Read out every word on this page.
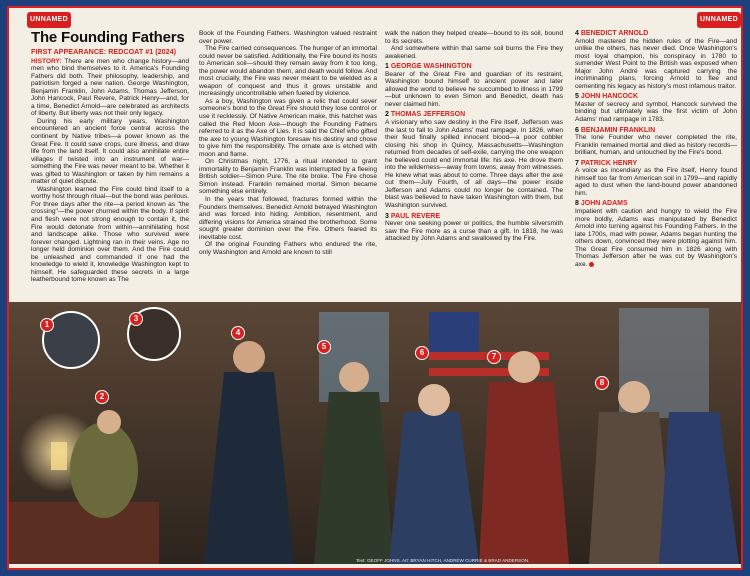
UNNAMED	UNNAMED
The Founding Fathers
FIRST APPEARANCE: REDCOAT #1 (2024)

HISTORY: There are men who change history—and men who bind themselves to it. America's Founding Fathers did both. Their philosophy, leadership, and patriotism forged a new nation. George Washington, Benjamin Franklin, John Adams, Thomas Jefferson, John Hancock, Paul Revere, Patrick Henry—and, for a time, Benedict Arnold—are celebrated as architects of liberty. But liberty was not their only legacy.

During his early military years, Washington encountered an ancient force central across the continent by Native tribes—a power known as the Great Fire. It could save crops, cure illness, and draw life from the land itself. It could also annihilate entire villages if twisted into an instrument of war—something the Fire was never meant to be. Whether it was gifted to Washington or taken by him remains a matter of quiet dispute.

Washington learned the Fire could bind itself to a worthy host through ritual—but the bond was perilous. For three days after the rite—a period known as "the crossing"—the power churned within the body. If spirit and flesh were not strong enough to contain it, the Fire would detonate from within—annihilating host and landscape alike. Those who survived were forever changed. Lightning ran in their veins. Age no longer held dominion over them. And the Fire could be unleashed and commanded if one had the knowledge to wield it, knowledge Washington kept to himself. He safeguarded these secrets in a large leatherbound tome known as The

Book of the Founding Fathers. Washington valued restraint over power.

The Fire carried consequences. The hunger of an immortal could never be satisfied. Additionally, the Fire bound its hosts to American soil—should they remain away from it too long, the power would abandon them, and death would follow. And most crucially, the Fire was never meant to be wielded as a weapon of conquest and thus it grows unstable and increasingly uncontrollable when fueled by violence.

As a boy, Washington was given a relic that could sever someone's bond to the Great Fire should they lose control or use it recklessly. Of Native American make, this hatchet was called the Red Moon Axe—though the Founding Fathers referred to it as the Axe of Lies. It is said the Chief who gifted the axe to young Washington foresaw his destiny and chose to give him the responsibility. The ornate axe is etched with moon and flame.

On Christmas night, 1776, a ritual intended to grant immortality to Benjamin Franklin was interrupted by a fleeing British soldier—Simon Pure. The rite broke. The Fire chose Simon instead. Franklin remained mortal. Simon became something else entirely.

In the years that followed, fractures formed within the Founders themselves. Benedict Arnold betrayed Washington and was forced into hiding. Ambition, resentment, and differing visions for America strained the brotherhood. Some sought greater dominion over the Fire. Others feared its inevitable cost.

Of the original Founding Fathers who endured the rite, only Washington and Arnold are known to still

walk the nation they helped create—bound to its soil, bound to its secrets.

And somewhere within that same soil burns the Fire they awakened.

1 GEORGE WASHINGTON

Bearer of the Great Fire and guardian of its restraint, Washington bound himself to ancient power and later allowed the world to believe he succumbed to illness in 1799—but unknown to even Simon and Benedict, death has never claimed him.

2 THOMAS JEFFERSON

A visionary who saw destiny in the Fire itself, Jefferson was the last to fall to John Adams' mad rampage. In 1826, when their feud finally spilled innocent blood—a poor cobbler closing his shop in Quincy, Massachusetts—Washington returned from decades of self-exile, carrying the one weapon he believed could end immortal life: his axe. He drove them into the wilderness—away from towns, away from witnesses. He knew what was about to come. Three days after the axe cut them—July Fourth, of all days—the power inside Jefferson and Adams could no longer be contained. The blast was believed to have taken Washington with them, but Washington survived.

3 PAUL REVERE

Never one seeking power or politics, the humble silversmith saw the Fire more as a curse than a gift. In 1818, he was attacked by John Adams and swallowed by the Fire.

4 BENEDICT ARNOLD

Arnold mastered the hidden rules of the Fire—and unlike the others, has never died. Once Washington's most loyal champion, his conspiracy in 1780 to surrender West Point to the British was exposed when Major John André was captured carrying the incriminating plans, forcing Arnold to flee and cementing his legacy as history's most infamous traitor.

5 JOHN HANCOCK

Master of secrecy and symbol, Hancock survived the binding but ultimately was the first victim of John Adams' mad rampage in 1783.

6 BENJAMIN FRANKLIN

The lone Founder who never completed the rite, Franklin remained mortal and died as history records—brilliant, human, and untouched by the Fire's bond.

7 PATRICK HENRY

A voice as incendiary as the Fire itself, Henry found himself too far from American soil in 1799—and rapidly aged to dust when the land-bound power abandoned him.

8 JOHN ADAMS

Impatient with caution and hungry to wield the Fire more boldly, Adams was manipulated by Benedict Arnold into turning against his Founding Fathers. In the late 1700s, mad with power, Adams began hunting the others down, convinced they were plotting against him. The Great Fire consumed him in 1826 along with Thomas Jefferson after he was cut by Washington's axe.

1
2
3
4
5
6	7
8
Text: GEOFF JOHNS. Art: BRYAN HITCH, ANDREW CURRIE & BRAD ANDERSON.
